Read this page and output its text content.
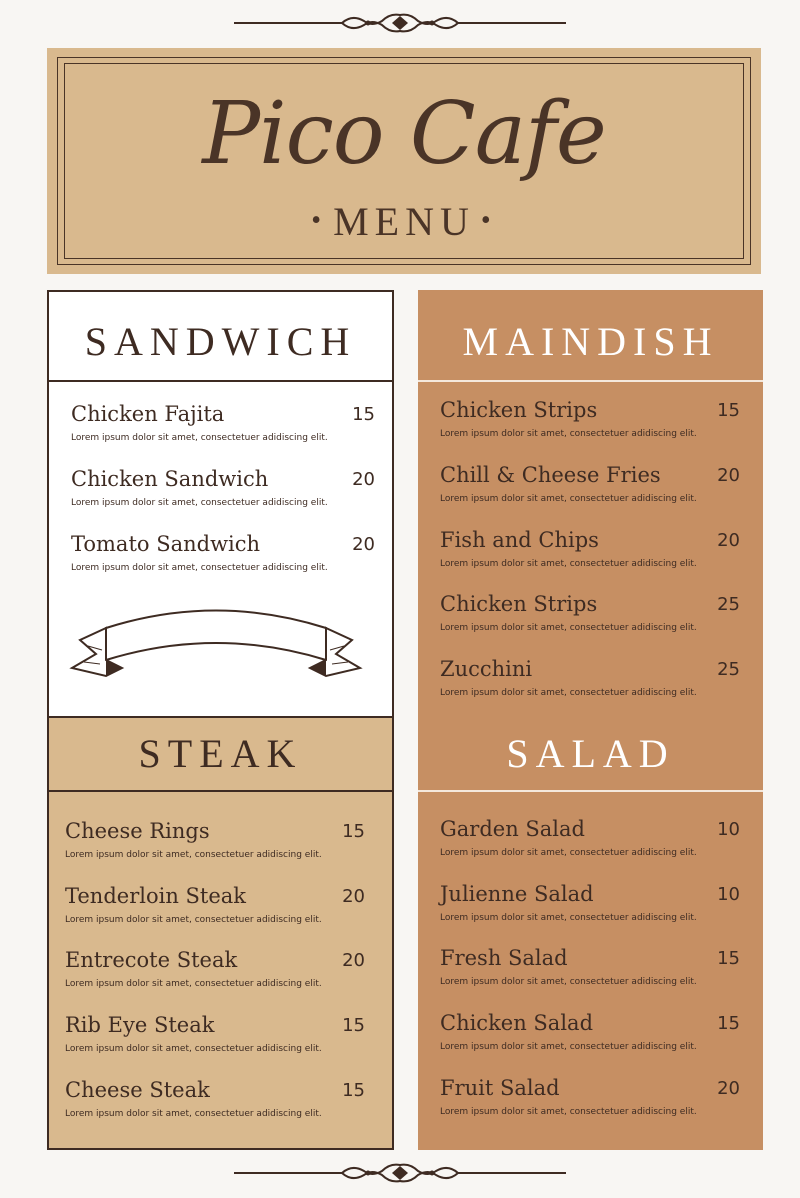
Pico Cafe
• MENU •
SANDWICH
STEAK
Chicken Fajita	15
Lorem ipsum dolor sit amet, consectetuer adidiscing elit.
Chicken Sandwich	20
Lorem ipsum dolor sit amet, consectetuer adidiscing elit.
Tomato Sandwich	20
Lorem ipsum dolor sit amet, consectetuer adidiscing elit.
Cheese Rings	15
Lorem ipsum dolor sit amet, consectetuer adidiscing elit.
Tenderloin Steak	20
Lorem ipsum dolor sit amet, consectetuer adidiscing elit.
Entrecote Steak	20
Lorem ipsum dolor sit amet, consectetuer adidiscing elit.
Rib Eye Steak	15
Lorem ipsum dolor sit amet, consectetuer adidiscing elit.
Cheese Steak	15
Lorem ipsum dolor sit amet, consectetuer adidiscing elit.
MAINDISH
SALAD
Chicken Strips	15
Lorem ipsum dolor sit amet, consectetuer adidiscing elit.
Chill & Cheese Fries	20
Lorem ipsum dolor sit amet, consectetuer adidiscing elit.
Fish and Chips	20
Lorem ipsum dolor sit amet, consectetuer adidiscing elit.
Chicken Strips	25
Lorem ipsum dolor sit amet, consectetuer adidiscing elit.
Zucchini	25
Lorem ipsum dolor sit amet, consectetuer adidiscing elit.
Garden Salad	10
Lorem ipsum dolor sit amet, consectetuer adidiscing elit.
Julienne Salad	10
Lorem ipsum dolor sit amet, consectetuer adidiscing elit.
Fresh Salad	15
Lorem ipsum dolor sit amet, consectetuer adidiscing elit.
Chicken Salad	15
Lorem ipsum dolor sit amet, consectetuer adidiscing elit.
Fruit Salad	20
Lorem ipsum dolor sit amet, consectetuer adidiscing elit.
